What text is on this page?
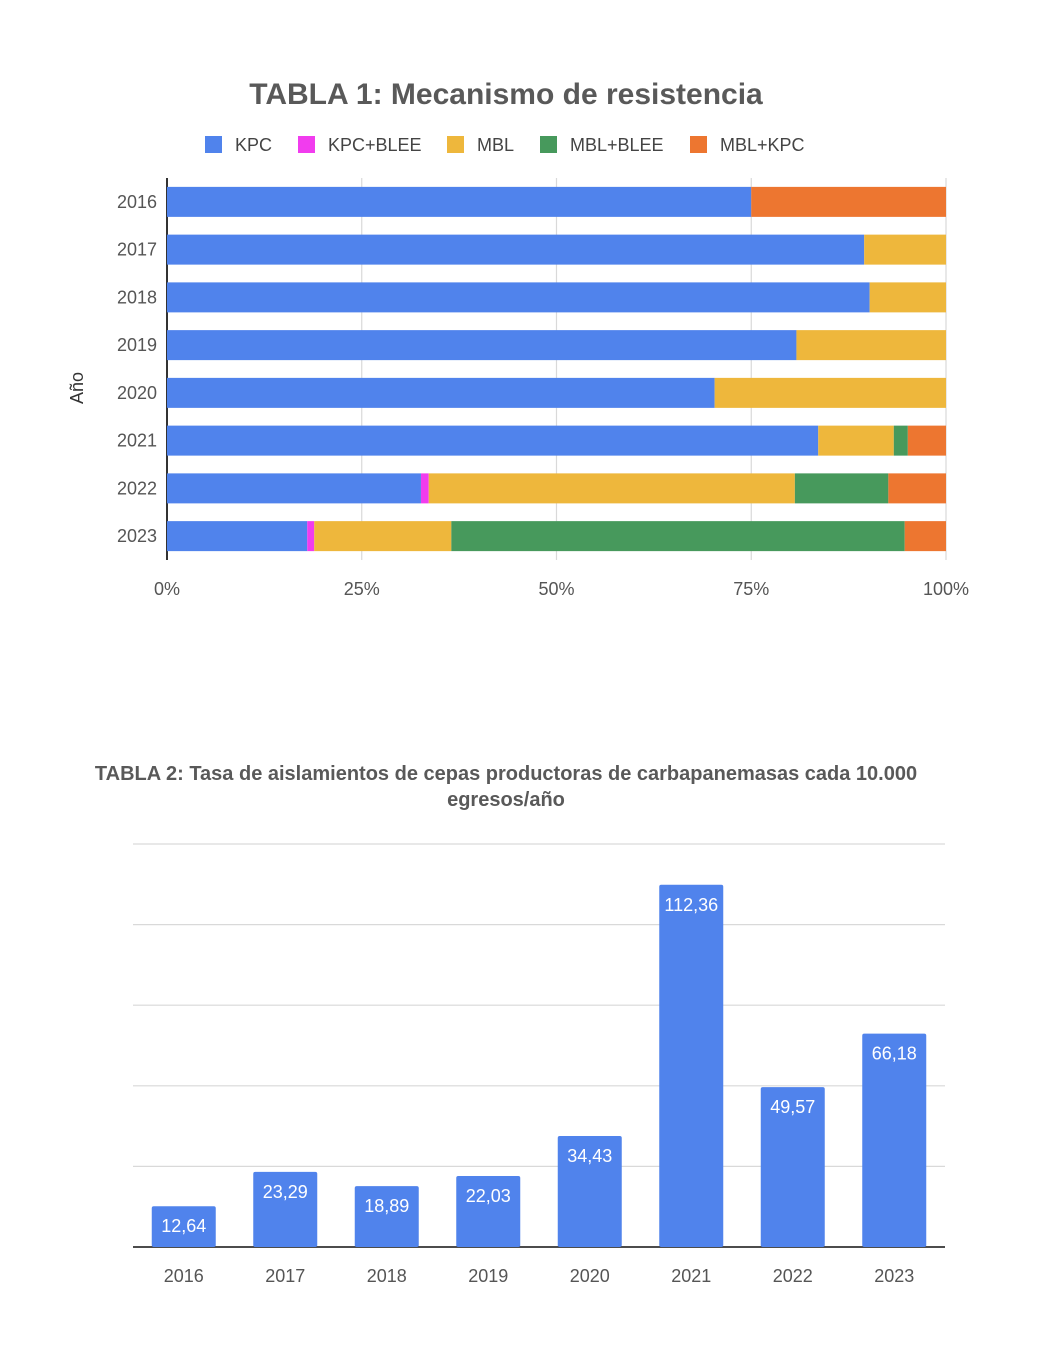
TABLA 1: Mecanismo de resistencia
KPC	KPC+BLEE	MBL	MBL+BLEE	MBL+KPC
2016
2017
2018
2019
2020
2021
2022
2023
0%	25%	50%	75%	100%
Año
TABLA 2: Tasa de aislamientos de cepas productoras de carbapanemasas cada 10.000
egresos/año
12,64
23,29
18,89
22,03
34,43
112,36
49,57
66,18
2016	2017	2018	2019	2020	2021	2022	2023
